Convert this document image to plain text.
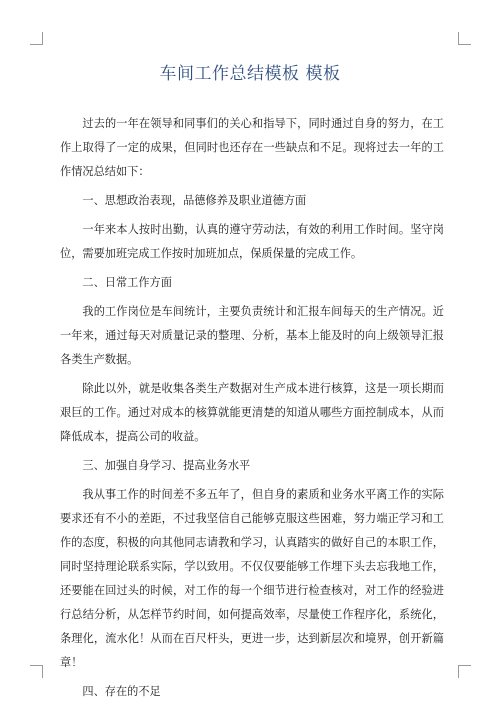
车间工作总结模板 模板

过去的一年在领导和同事们的关心和指导下，同时通过自身的努力，在工作上取得了一定的成果，但同时也还存在一些缺点和不足。现将过去一年的工作情况总结如下：

一、思想政治表现，品德修养及职业道德方面

一年来本人按时出勤，认真的遵守劳动法，有效的利用工作时间。坚守岗位，需要加班完成工作按时加班加点，保质保量的完成工作。

二、日常工作方面

我的工作岗位是车间统计，主要负责统计和汇报车间每天的生产情况。近一年来，通过每天对质量记录的整理、分析，基本上能及时的向上级领导汇报各类生产数据。

除此以外，就是收集各类生产数据对生产成本进行核算，这是一项长期而艰巨的工作。通过对成本的核算就能更清楚的知道从哪些方面控制成本，从而降低成本，提高公司的收益。

三、加强自身学习、提高业务水平

我从事工作的时间差不多五年了，但自身的素质和业务水平离工作的实际要求还有不小的差距，不过我坚信自己能够克服这些困难，努力端正学习和工作的态度，积极的向其他同志请教和学习，认真踏实的做好自己的本职工作，同时坚持理论联系实际，学以致用。不仅仅要能够工作埋下头去忘我地工作，还要能在回过头的时候，对工作的每一个细节进行检查核对，对工作的经验进行总结分析，从怎样节约时间，如何提高效率，尽量使工作程序化，系统化，条理化，流水化！从而在百尺杆头，更进一步，达到新层次和境界，创开新篇章！

四、存在的不足
